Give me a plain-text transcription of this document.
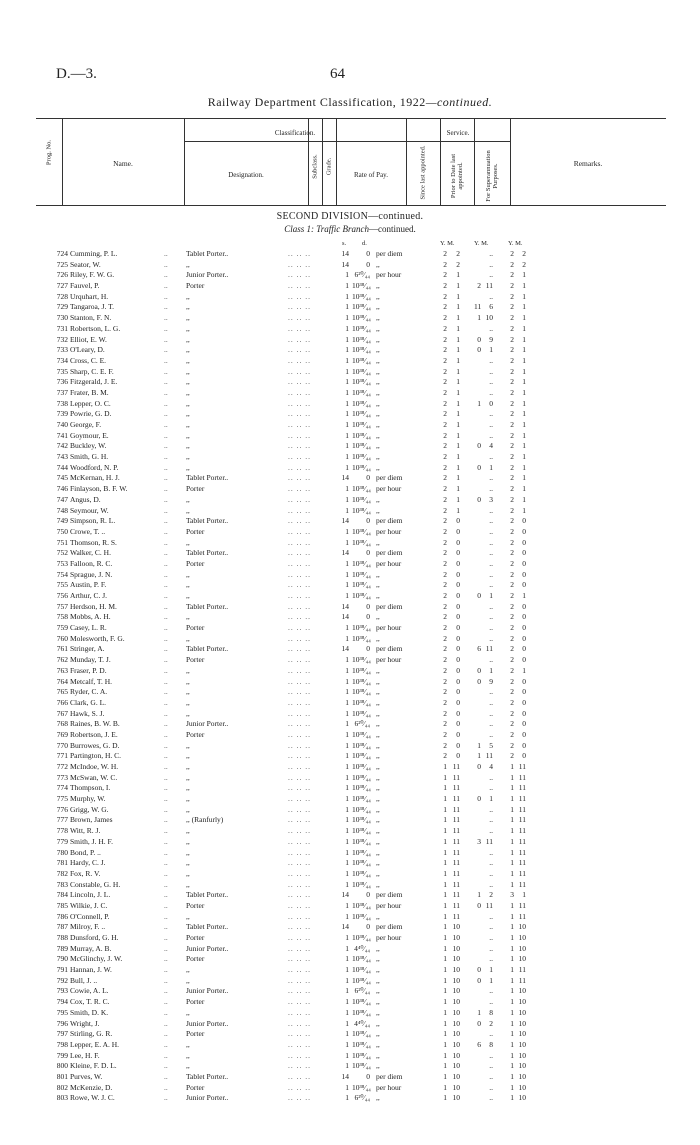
D.—3.	64
Railway Department Classification, 1922—continued.
Prog. No.	Name.
Classification.
Designation.	Subclass. Grade.	Rate of Pay.
Service.
Since last appointed.	Prior to Date last appointed.	For Superannuation Purposes.	Remarks.
SECOND DIVISION—continued.
Class 1: Traffic Branch—continued.
s. d.	Y. M.	Y. M.	Y. M.
724 Cumming, P. L.	Tablet Porter..	14	0 per diem	2	2	..	2	2
..	.. .. ..
725 Seator, W.	,,	14	0 ,,	2	2	..	2	2
..	.. .. ..
726 Riley, F. W. G.	Junior Porter..	1 6²⁰⁄₄₄ per hour	2	1	..	2	1
..	.. .. ..
727 Fauvel, P.	Porter	1 10³⁸⁄₄₄ ,,	2	1	2 11	2	1
..	.. .. ..
728 Urquhart, H.	,,	1 10³⁸⁄₄₄ ,,	2	1	..	2	1
..	.. .. ..
729 Tangaroa, J. T.	,,	1 10³⁸⁄₄₄ ,,	2	1 11	6	2	1
..	.. .. ..
730 Stanton, F. N.	,,	1 10³⁸⁄₄₄ ,,	2	1	1 10	2	1
..	.. .. ..
731 Robertson, L. G.	,,	1 10³⁸⁄₄₄ ,,	2	1	..	2	1
..	.. .. ..
732 Elliot, E. W.	,,	1 10³⁸⁄₄₄ ,,	2	1	0	9	2	1
..	.. .. ..
733 O'Leary, D.	,,	1 10³⁸⁄₄₄ ,,	2	1	0	1	2	1
..	.. .. ..
734 Cross, C. E.	,,	1 10³⁸⁄₄₄ ,,	2	1	..	2	1
..	.. .. ..
735 Sharp, C. E. F.	,,	1 10³⁸⁄₄₄ ,,	2	1	..	2	1
..	.. .. ..
736 Fitzgerald, J. E.	,,	1 10³⁸⁄₄₄ ,,	2	1	..	2	1
..	.. .. ..
737 Frater, B. M.	,,	1 10³⁸⁄₄₄ ,,	2	1	..	2	1
..	.. .. ..
738 Lepper, O. C.	,,	1 10³⁸⁄₄₄ ,,	2	1	1	0	2	1
..	.. .. ..
739 Powrie, G. D.	,,	1 10³⁸⁄₄₄ ,,	2	1	..	2	1
..	.. .. ..
740 George, F.	,,	1 10³⁸⁄₄₄ ,,	2	1	..	2	1
..	.. .. ..
741 Goymour, E.	,,	1 10³⁸⁄₄₄ ,,	2	1	..	2	1
..	.. .. ..
742 Buckley, W.	,,	1 10³⁸⁄₄₄ ,,	2	1	0	4	2	1
..	.. .. ..
743 Smith, G. H.	,,	1 10³⁸⁄₄₄ ,,	2	1	..	2	1
..	.. .. ..
744 Woodford, N. P.	,,	1 10³⁸⁄₄₄ ,,	2	1	0	1	2	1
..	.. .. ..
745 McKernan, H. J.	Tablet Porter..	14	0 per diem	2	1	..	2	1
..	.. .. ..
746 Finlayson, B. F. W.	Porter	1 10³⁸⁄₄₄ per hour	2	1	..	2	1
..	.. .. ..
747 Angus, D.	,,	1 10³⁸⁄₄₄ ,,	2	1	0	3	2	1
..	.. .. ..
748 Seymour, W.	,,	1 10³⁸⁄₄₄ ,,	2	1	..	2	1
..	.. .. ..
749 Simpson, R. L.	Tablet Porter..	14	0 per diem	2	0	..	2	0
..	.. .. ..
750 Crowe, T. ..	Porter	1 10³⁸⁄₄₄ per hour	2	0	..	2	0
..	.. .. ..
751 Thomson, R. S.	,,	1 10³⁸⁄₄₄ ,,	2	0	..	2	0
..	.. .. ..
752 Walker, C. H.	Tablet Porter..	14	0 per diem	2	0	..	2	0
..	.. .. ..
753 Falloon, R. C.	Porter	1 10³⁸⁄₄₄ per hour	2	0	..	2	0
..	.. .. ..
754 Sprague, J. N.	,,	1 10³⁸⁄₄₄ ,,	2	0	..	2	0
..	.. .. ..
755 Austin, P. F.	,,	1 10³⁸⁄₄₄ ,,	2	0	..	2	0
..	.. .. ..
756 Arthur, C. J.	,,	1 10³⁸⁄₄₄ ,,	2	0	0	1	2	1
..	.. .. ..
757 Herdson, H. M.	Tablet Porter..	14	0 per diem	2	0	..	2	0
..	.. .. ..
758 Mobbs, A. H.	,,	14	0 ,,	2	0	..	2	0
..	.. .. ..
759 Casey, L. R.	Porter	1 10³⁸⁄₄₄ per hour	2	0	..	2	0
..	.. .. ..
760 Molesworth, F. G.	,,	1 10³⁸⁄₄₄ ,,	2	0	..	2	0
..	.. .. ..
761 Stringer, A.	Tablet Porter..	14	0 per diem	2	0	6 11	2	0
..	.. .. ..
762 Munday, T. J.	Porter	1 10³⁸⁄₄₄ per hour	2	0	..	2	0
..	.. .. ..
763 Fraser, P. D.	,,	1 10³⁸⁄₄₄ ,,	2	0	0	1	2	1
..	.. .. ..
764 Metcalf, T. H.	,,	1 10³⁸⁄₄₄ ,,	2	0	0	9	2	0
..	.. .. ..
765 Ryder, C. A.	,,	1 10³⁸⁄₄₄ ,,	2	0	..	2	0
..	.. .. ..
766 Clark, G. L.	,,	1 10³⁸⁄₄₄ ,,	2	0	..	2	0
..	.. .. ..
767 Hawk, S. J.	,,	1 10³⁸⁄₄₄ ,,	2	0	..	2	0
..	.. .. ..
768 Raines, B. W. B.	Junior Porter..	1 6²⁰⁄₄₄ ,,	2	0	..	2	0
..	.. .. ..
769 Robertson, J. E.	Porter	1 10³⁸⁄₄₄ ,,	2	0	..	2	0
..	.. .. ..
770 Burrowes, G. D.	,,	1 10³⁸⁄₄₄ ,,	2	0	1	5	2	0
..	.. .. ..
771 Partington, H. C.	,,	1 10³⁸⁄₄₄ ,,	2	0	1 11	2	0
..	.. .. ..
772 McIndoe, W. H.	,,	1 10³⁸⁄₄₄ ,,	1 11	0	4	1 11
..	.. .. ..
773 McSwan, W. C.	,,	1 10³⁸⁄₄₄ ,,	1 11	..	1 11
..	.. .. ..
774 Thompson, I.	,,	1 10³⁸⁄₄₄ ,,	1 11	..	1 11
..	.. .. ..
775 Murphy, W.	,,	1 10³⁸⁄₄₄ ,,	1 11	0	1	1 11
..	.. .. ..
776 Grigg, W. G.	,,	1 10³⁸⁄₄₄ ,,	1 11	..	1 11
..	.. .. ..
777 Brown, James	,, (Ranfurly)	1 10³⁸⁄₄₄ ,,	1 11	..	1 11
..	.. .. ..
778 Witt, R. J.	,,	1 10³⁸⁄₄₄ ,,	1 11	..	1 11
..	.. .. ..
779 Smith, J. H. F.	,,	1 10³⁸⁄₄₄ ,,	1 11	3 11	1 11
..	.. .. ..
780 Bond, P. ..	,,	1 10³⁸⁄₄₄ ,,	1 11	..	1 11
..	.. .. ..
781 Hardy, C. J.	,,	1 10³⁸⁄₄₄ ,,	1 11	..	1 11
..	.. .. ..
782 Fox, R. V.	,,	1 10³⁸⁄₄₄ ,,	1 11	..	1 11
..	.. .. ..
783 Constable, G. H.	,,	1 10³⁸⁄₄₄ ,,	1 11	..	1 11
..	.. .. ..
784 Lincoln, J. L.	Tablet Porter..	14	0 per diem	1 11	1	2	3	1
..	.. .. ..
785 Wilkie, J. C.	Porter	1 10³⁸⁄₄₄ per hour	1 11	0 11	1 11
..	.. .. ..
786 O'Connell, P.	,,	1 10³⁸⁄₄₄ ,,	1 11	..	1 11
..	.. .. ..
787 Milroy, F. ..	Tablet Porter..	14	0 per diem	1 10	..	1 10
..	.. .. ..
788 Dunsford, G. H.	Porter	1 10³⁸⁄₄₄ per hour	1 10	..	1 10
..	.. .. ..
789 Murray, A. B.	Junior Porter..	1 4⁴⁰⁄₄₄ ,,	1 10	..	1 10
..	.. .. ..
790 McGlinchy, J. W.	Porter	1 10³⁸⁄₄₄ ,,	1 10	..	1 10
..	.. .. ..
791 Hannan, J. W.	,,	1 10³⁸⁄₄₄ ,,	1 10	0	1	1 11
..	.. .. ..
792 Bull, J. ..	,,	1 10³⁸⁄₄₄ ,,	1 10	0	1	1 11
..	.. .. ..
793 Cowie, A. L.	Junior Porter..	1 6²⁰⁄₄₄ ,,	1 10	..	1 10
..	.. .. ..
794 Cox, T. R. C.	Porter	1 10³⁸⁄₄₄ ,,	1 10	..	1 10
..	.. .. ..
795 Smith, D. K.	,,	1 10³⁸⁄₄₄ ,,	1 10	1	8	1 10
..	.. .. ..
796 Wright, J.	Junior Porter..	1 4⁴⁰⁄₄₄ ,,	1 10	0	2	1 10
..	.. .. ..
797 Stirling, G. R.	Porter	1 10³⁸⁄₄₄ ,,	1 10	..	1 10
..	.. .. ..
798 Lepper, E. A. H.	,,	1 10³⁸⁄₄₄ ,,	1 10	6	8	1 10
..	.. .. ..
799 Lee, H. F.	,,	1 10³⁸⁄₄₄ ,,	1 10	..	1 10
..	.. .. ..
800 Kleine, F. D. L.	,,	1 10³⁸⁄₄₄ ,,	1 10	..	1 10
..	.. .. ..
801 Purves, W.	Tablet Porter..	14	0 per diem	1 10	..	1 10
..	.. .. ..
802 McKenzie, D.	Porter	1 10³⁸⁄₄₄ per hour	1 10	..	1 10
..	.. .. ..
803 Rowe, W. J. C.	Junior Porter..	1 6²⁰⁄₄₄ ,,	1 10	..	1 10
..	.. .. ..
